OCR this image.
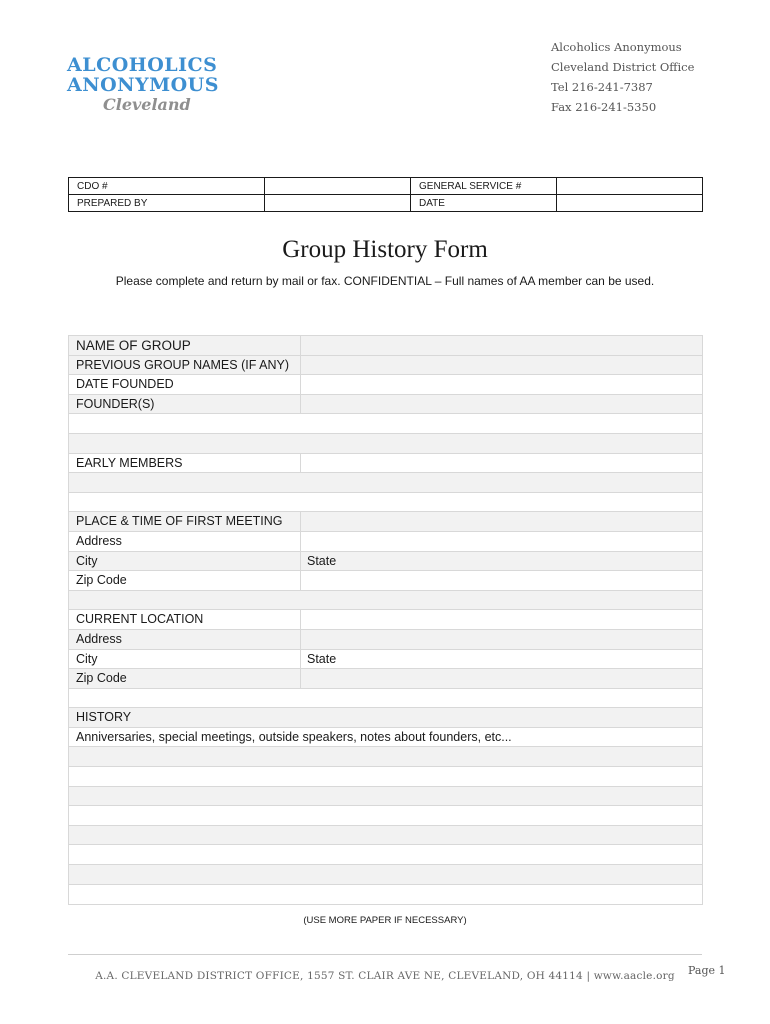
ALCOHOLICS
ANONYMOUS
Cleveland
Alcoholics Anonymous
Cleveland District Office
Tel 216-241-7387
Fax 216-241-5350
CDO #		GENERAL SERVICE #	
PREPARED BY		DATE	
Group History Form
Please complete and return by mail or fax. CONFIDENTIAL – Full names of AA member can be used.
NAME OF GROUP
PREVIOUS GROUP NAMES (IF ANY)
DATE FOUNDED
FOUNDER(S)
EARLY MEMBERS
PLACE & TIME OF FIRST MEETING
Address
City	State
Zip Code
CURRENT LOCATION
Address
City	State
Zip Code
HISTORY
Anniversaries, special meetings, outside speakers, notes about founders, etc...
(USE MORE PAPER IF NECESSARY)
A.A. CLEVELAND DISTRICT OFFICE, 1557 ST. CLAIR AVE NE, CLEVELAND, OH 44114 | www.aacle.org	Page 1
